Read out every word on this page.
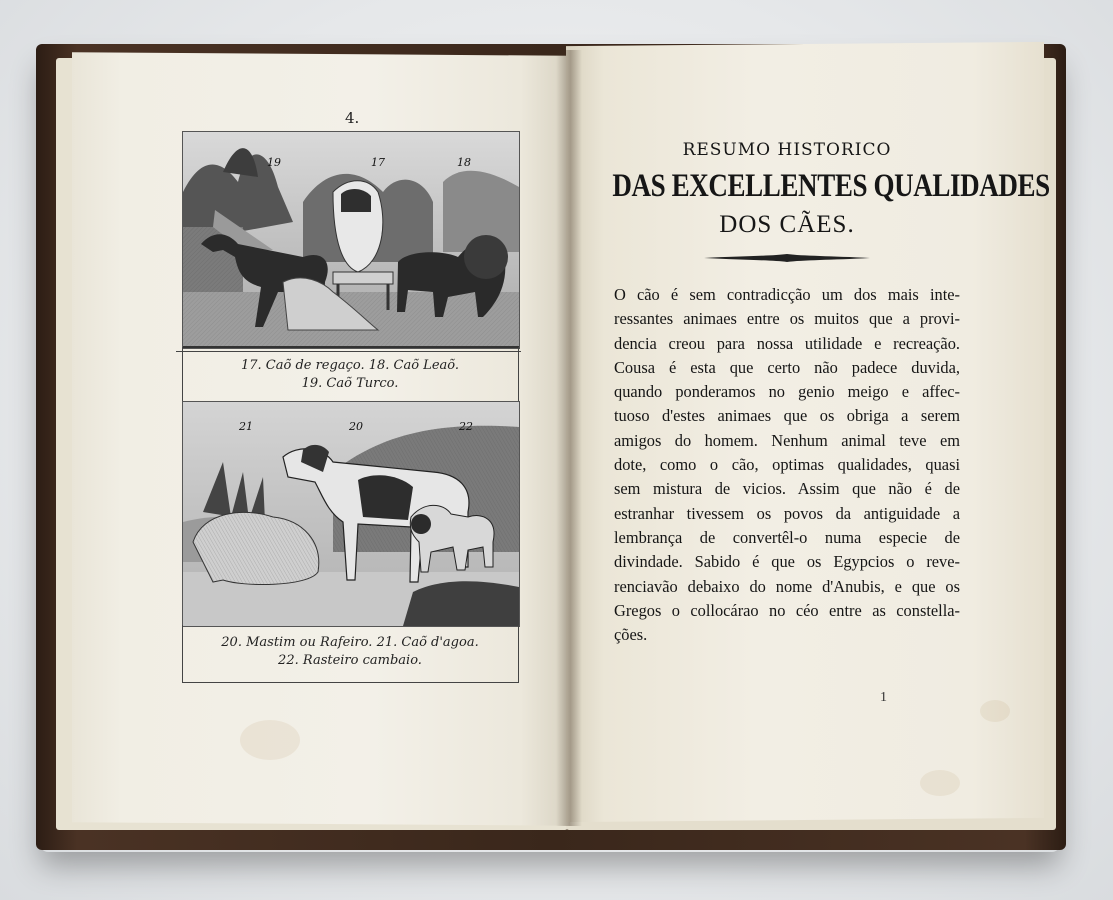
4.
19	17	18
17. Caõ de regaço. 18. Caõ Leaõ.
19. Caõ Turco.
21	20	22
20. Mastim ou Rafeiro. 21. Caõ d'agoa.
22. Rasteiro cambaio.
RESUMO HISTORICO
DAS EXCELLENTES QUALIDADES
DOS CÃES.
O cão é sem contradicção um dos mais inte-
ressantes animaes entre os muitos que a provi-
dencia creou para nossa utilidade e recreação.
Cousa é esta que certo não padece duvida,
quando ponderamos no genio meigo e affec-
tuoso d'estes animaes que os obriga a serem
amigos do homem. Nenhum animal teve em
dote, como o cão, optimas qualidades, quasi
sem mistura de vicios. Assim que não é de
estranhar tivessem os povos da antiguidade a
lembrança de convertêl-o numa especie de
divindade. Sabido é que os Egypcios o reve-
renciavão debaixo do nome d'Anubis, e que os
Gregos o collocárao no céo entre as constella-
ções.
1
